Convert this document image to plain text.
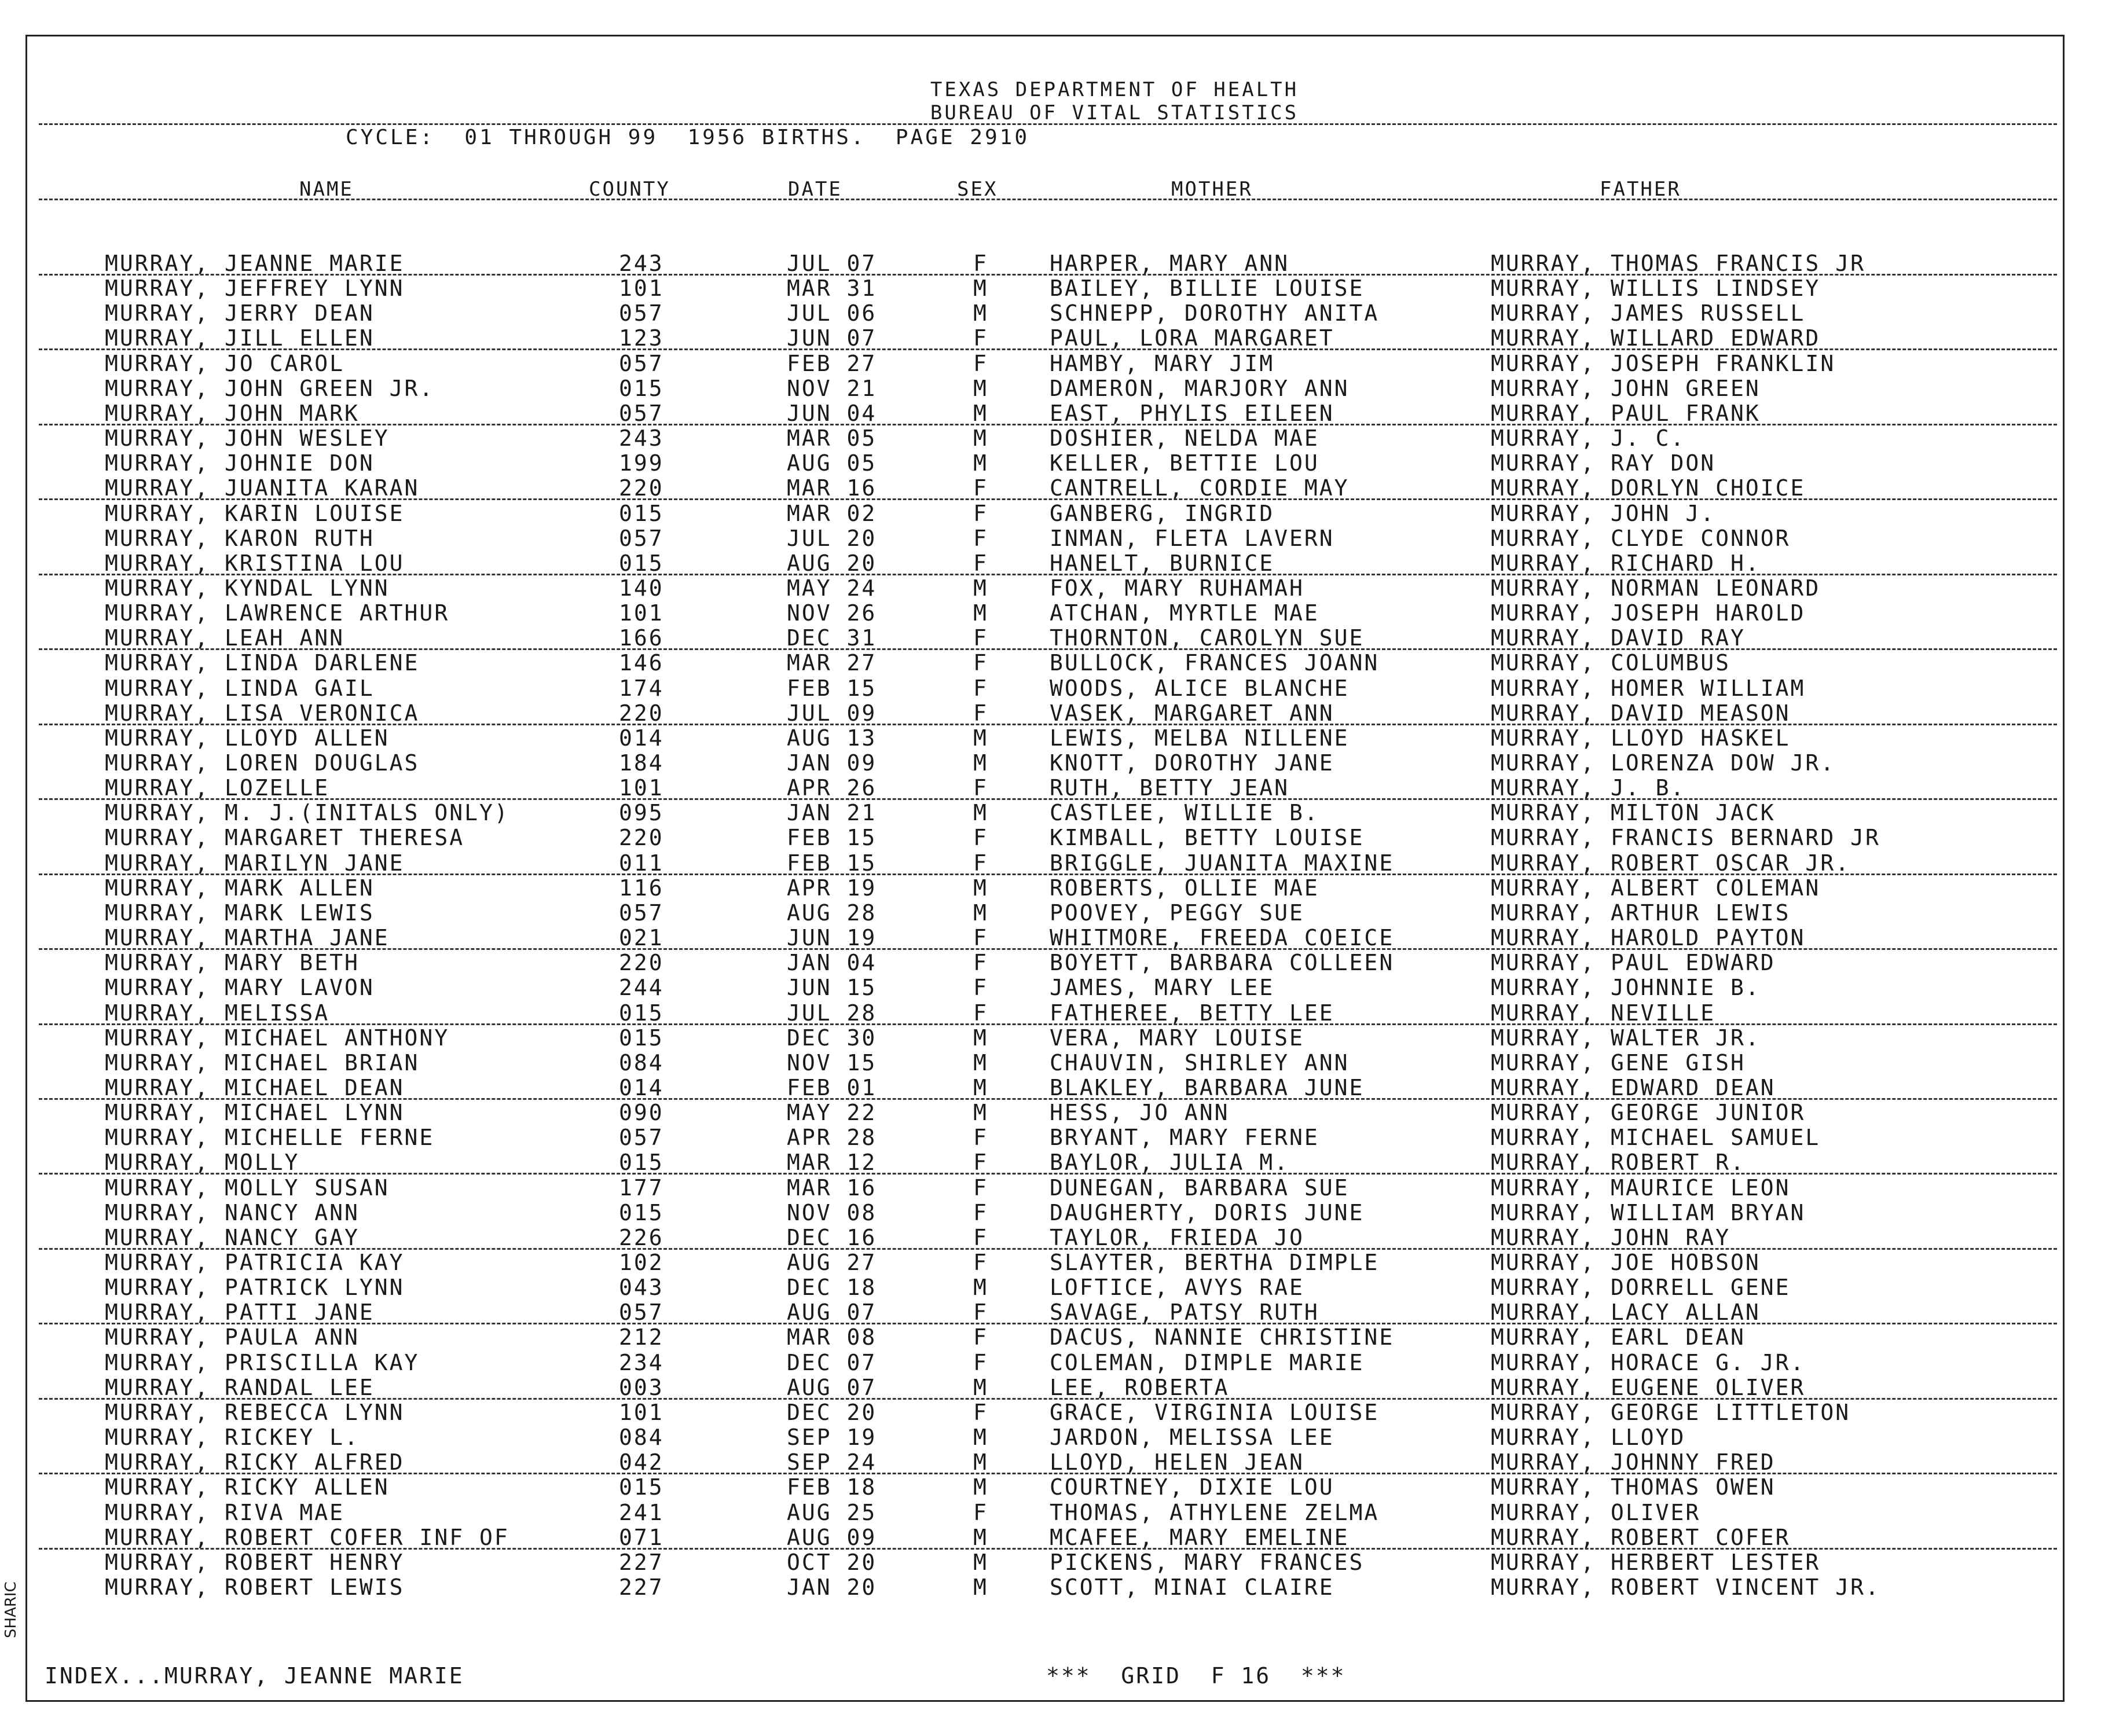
TEXAS DEPARTMENT OF HEALTH
BUREAU OF VITAL STATISTICS
CYCLE:  01 THROUGH 99  1956 BIRTHS.  PAGE 2910
NAME	COUNTY	DATE	SEX	MOTHER	FATHER
MURRAY, JEANNE MARIE	243	JUL 07	F	HARPER, MARY ANN	MURRAY, THOMAS FRANCIS JR
MURRAY, JEFFREY LYNN	101	MAR 31	M	BAILEY, BILLIE LOUISE	MURRAY, WILLIS LINDSEY
MURRAY, JERRY DEAN	057	JUL 06	M	SCHNEPP, DOROTHY ANITA	MURRAY, JAMES RUSSELL
MURRAY, JILL ELLEN	123	JUN 07	F	PAUL, LORA MARGARET	MURRAY, WILLARD EDWARD
MURRAY, JO CAROL	057	FEB 27	F	HAMBY, MARY JIM	MURRAY, JOSEPH FRANKLIN
MURRAY, JOHN GREEN JR.	015	NOV 21	M	DAMERON, MARJORY ANN	MURRAY, JOHN GREEN
MURRAY, JOHN MARK	057	JUN 04	M	EAST, PHYLIS EILEEN	MURRAY, PAUL FRANK
MURRAY, JOHN WESLEY	243	MAR 05	M	DOSHIER, NELDA MAE	MURRAY, J. C.
MURRAY, JOHNIE DON	199	AUG 05	M	KELLER, BETTIE LOU	MURRAY, RAY DON
MURRAY, JUANITA KARAN	220	MAR 16	F	CANTRELL, CORDIE MAY	MURRAY, DORLYN CHOICE
MURRAY, KARIN LOUISE	015	MAR 02	F	GANBERG, INGRID	MURRAY, JOHN J.
MURRAY, KARON RUTH	057	JUL 20	F	INMAN, FLETA LAVERN	MURRAY, CLYDE CONNOR
MURRAY, KRISTINA LOU	015	AUG 20	F	HANELT, BURNICE	MURRAY, RICHARD H.
MURRAY, KYNDAL LYNN	140	MAY 24	M	FOX, MARY RUHAMAH	MURRAY, NORMAN LEONARD
MURRAY, LAWRENCE ARTHUR	101	NOV 26	M	ATCHAN, MYRTLE MAE	MURRAY, JOSEPH HAROLD
MURRAY, LEAH ANN	166	DEC 31	F	THORNTON, CAROLYN SUE	MURRAY, DAVID RAY
MURRAY, LINDA DARLENE	146	MAR 27	F	BULLOCK, FRANCES JOANN	MURRAY, COLUMBUS
MURRAY, LINDA GAIL	174	FEB 15	F	WOODS, ALICE BLANCHE	MURRAY, HOMER WILLIAM
MURRAY, LISA VERONICA	220	JUL 09	F	VASEK, MARGARET ANN	MURRAY, DAVID MEASON
MURRAY, LLOYD ALLEN	014	AUG 13	M	LEWIS, MELBA NILLENE	MURRAY, LLOYD HASKEL
MURRAY, LOREN DOUGLAS	184	JAN 09	M	KNOTT, DOROTHY JANE	MURRAY, LORENZA DOW JR.
MURRAY, LOZELLE	101	APR 26	F	RUTH, BETTY JEAN	MURRAY, J. B.
MURRAY, M. J.(INITALS ONLY)	095	JAN 21	M	CASTLEE, WILLIE B.	MURRAY, MILTON JACK
MURRAY, MARGARET THERESA	220	FEB 15	F	KIMBALL, BETTY LOUISE	MURRAY, FRANCIS BERNARD JR
MURRAY, MARILYN JANE	011	FEB 15	F	BRIGGLE, JUANITA MAXINE	MURRAY, ROBERT OSCAR JR.
MURRAY, MARK ALLEN	116	APR 19	M	ROBERTS, OLLIE MAE	MURRAY, ALBERT COLEMAN
MURRAY, MARK LEWIS	057	AUG 28	M	POOVEY, PEGGY SUE	MURRAY, ARTHUR LEWIS
MURRAY, MARTHA JANE	021	JUN 19	F	WHITMORE, FREEDA COEICE	MURRAY, HAROLD PAYTON
MURRAY, MARY BETH	220	JAN 04	F	BOYETT, BARBARA COLLEEN	MURRAY, PAUL EDWARD
MURRAY, MARY LAVON	244	JUN 15	F	JAMES, MARY LEE	MURRAY, JOHNNIE B.
MURRAY, MELISSA	015	JUL 28	F	FATHEREE, BETTY LEE	MURRAY, NEVILLE
MURRAY, MICHAEL ANTHONY	015	DEC 30	M	VERA, MARY LOUISE	MURRAY, WALTER JR.
MURRAY, MICHAEL BRIAN	084	NOV 15	M	CHAUVIN, SHIRLEY ANN	MURRAY, GENE GISH
MURRAY, MICHAEL DEAN	014	FEB 01	M	BLAKLEY, BARBARA JUNE	MURRAY, EDWARD DEAN
MURRAY, MICHAEL LYNN	090	MAY 22	M	HESS, JO ANN	MURRAY, GEORGE JUNIOR
MURRAY, MICHELLE FERNE	057	APR 28	F	BRYANT, MARY FERNE	MURRAY, MICHAEL SAMUEL
MURRAY, MOLLY	015	MAR 12	F	BAYLOR, JULIA M.	MURRAY, ROBERT R.
MURRAY, MOLLY SUSAN	177	MAR 16	F	DUNEGAN, BARBARA SUE	MURRAY, MAURICE LEON
MURRAY, NANCY ANN	015	NOV 08	F	DAUGHERTY, DORIS JUNE	MURRAY, WILLIAM BRYAN
MURRAY, NANCY GAY	226	DEC 16	F	TAYLOR, FRIEDA JO	MURRAY, JOHN RAY
MURRAY, PATRICIA KAY	102	AUG 27	F	SLAYTER, BERTHA DIMPLE	MURRAY, JOE HOBSON
MURRAY, PATRICK LYNN	043	DEC 18	M	LOFTICE, AVYS RAE	MURRAY, DORRELL GENE
MURRAY, PATTI JANE	057	AUG 07	F	SAVAGE, PATSY RUTH	MURRAY, LACY ALLAN
MURRAY, PAULA ANN	212	MAR 08	F	DACUS, NANNIE CHRISTINE	MURRAY, EARL DEAN
MURRAY, PRISCILLA KAY	234	DEC 07	F	COLEMAN, DIMPLE MARIE	MURRAY, HORACE G. JR.
MURRAY, RANDAL LEE	003	AUG 07	M	LEE, ROBERTA	MURRAY, EUGENE OLIVER
MURRAY, REBECCA LYNN	101	DEC 20	F	GRACE, VIRGINIA LOUISE	MURRAY, GEORGE LITTLETON
MURRAY, RICKEY L.	084	SEP 19	M	JARDON, MELISSA LEE	MURRAY, LLOYD
MURRAY, RICKY ALFRED	042	SEP 24	M	LLOYD, HELEN JEAN	MURRAY, JOHNNY FRED
MURRAY, RICKY ALLEN	015	FEB 18	M	COURTNEY, DIXIE LOU	MURRAY, THOMAS OWEN
MURRAY, RIVA MAE	241	AUG 25	F	THOMAS, ATHYLENE ZELMA	MURRAY, OLIVER
MURRAY, ROBERT COFER INF OF	071	AUG 09	M	MCAFEE, MARY EMELINE	MURRAY, ROBERT COFER
MURRAY, ROBERT HENRY	227	OCT 20	M	PICKENS, MARY FRANCES	MURRAY, HERBERT LESTER
MURRAY, ROBERT LEWIS	227	JAN 20	M	SCOTT, MINAI CLAIRE	MURRAY, ROBERT VINCENT JR.
INDEX...MURRAY, JEANNE MARIE	***  GRID  F 16  ***
SHARIC
